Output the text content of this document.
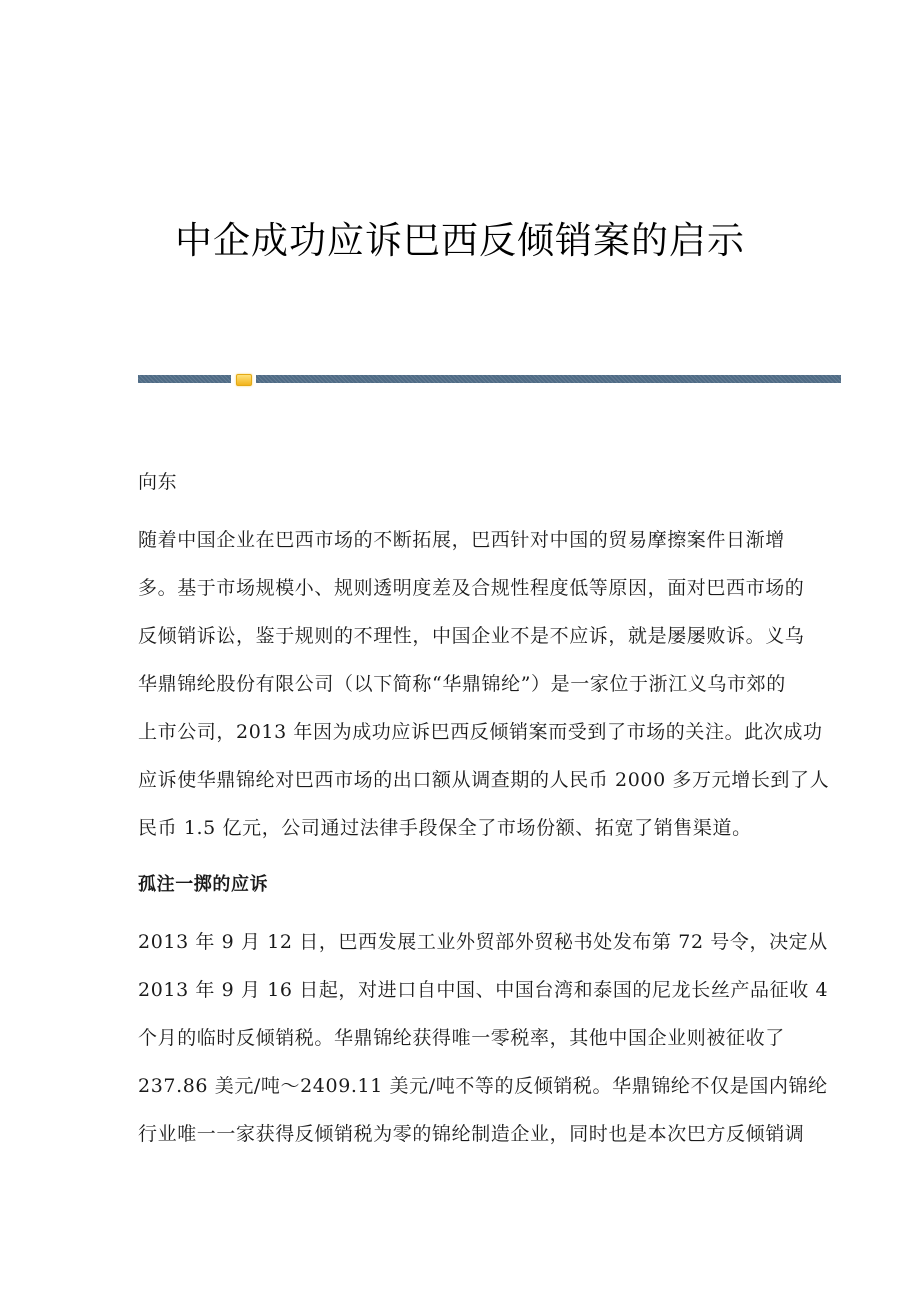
中企成功应诉巴西反倾销案的启示
向东
随着中国企业在巴西市场的不断拓展，巴西针对中国的贸易摩擦案件日渐增
多。基于市场规模小、规则透明度差及合规性程度低等原因，面对巴西市场的
反倾销诉讼，鉴于规则的不理性，中国企业不是不应诉，就是屡屡败诉。义乌
华鼎锦纶股份有限公司（以下简称“华鼎锦纶”）是一家位于浙江义乌市郊的
上市公司，2013 年因为成功应诉巴西反倾销案而受到了市场的关注。此次成功
应诉使华鼎锦纶对巴西市场的出口额从调查期的人民币 2000 多万元增长到了人
民币 1.5 亿元，公司通过法律手段保全了市场份额、拓宽了销售渠道。
孤注一掷的应诉
2013 年 9 月 12 日，巴西发展工业外贸部外贸秘书处发布第 72 号令，决定从
2013 年 9 月 16 日起，对进口自中国、中国台湾和泰国的尼龙长丝产品征收 4
个月的临时反倾销税。华鼎锦纶获得唯一零税率，其他中国企业则被征收了
237.86 美元/吨～2409.11 美元/吨不等的反倾销税。华鼎锦纶不仅是国内锦纶
行业唯一一家获得反倾销税为零的锦纶制造企业，同时也是本次巴方反倾销调
